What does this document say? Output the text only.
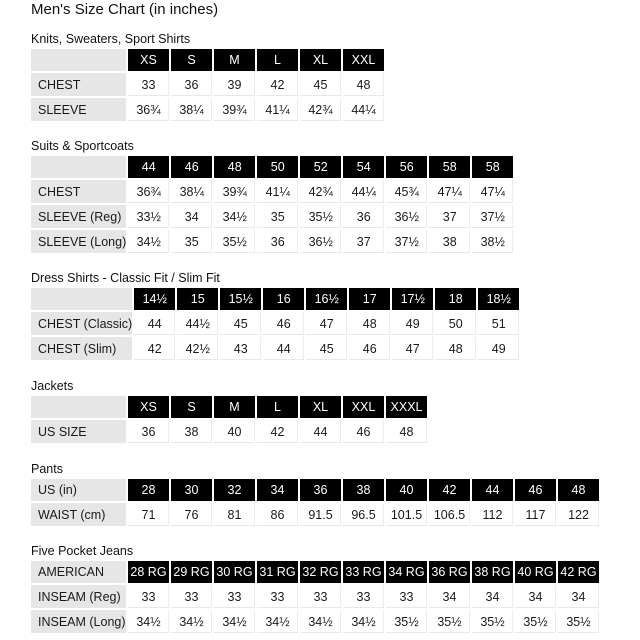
Men's Size Chart (in inches)
Knits, Sweaters, Sport Shirts
	XS	S	M	L	XL	XXL
CHEST	33	36	39	42	45	48
SLEEVE	36¾	38¼	39¾	41¼	42¾	44¼
Suits & Sportcoats
	44	46	48	50	52	54	56	58	58
CHEST	36¾	38¼	39¾	41¼	42¾	44¼	45¾	47¼	47¼
SLEEVE (Reg)	33½	34	34½	35	35½	36	36½	37	37½
SLEEVE (Long)	34½	35	35½	36	36½	37	37½	38	38½
Dress Shirts - Classic Fit / Slim Fit
	14½	15	15½	16	16½	17	17½	18	18½
CHEST (Classic)	44	44½	45	46	47	48	49	50	51
CHEST (Slim)	42	42½	43	44	45	46	47	48	49
Jackets
	XS	S	M	L	XL	XXL	XXXL
US SIZE	36	38	40	42	44	46	48
Pants
US (in)	28	30	32	34	36	38	40	42	44	46	48
WAIST (cm)	71	76	81	86	91.5	96.5	101.5	106.5	112	117	122
Five Pocket Jeans
AMERICAN	28 RG	29 RG	30 RG	31 RG	32 RG	33 RG	34 RG	36 RG	38 RG	40 RG	42 RG
INSEAM (Reg)	33	33	33	33	33	33	33	34	34	34	34
INSEAM (Long)	34½	34½	34½	34½	34½	34½	35½	35½	35½	35½	35½
